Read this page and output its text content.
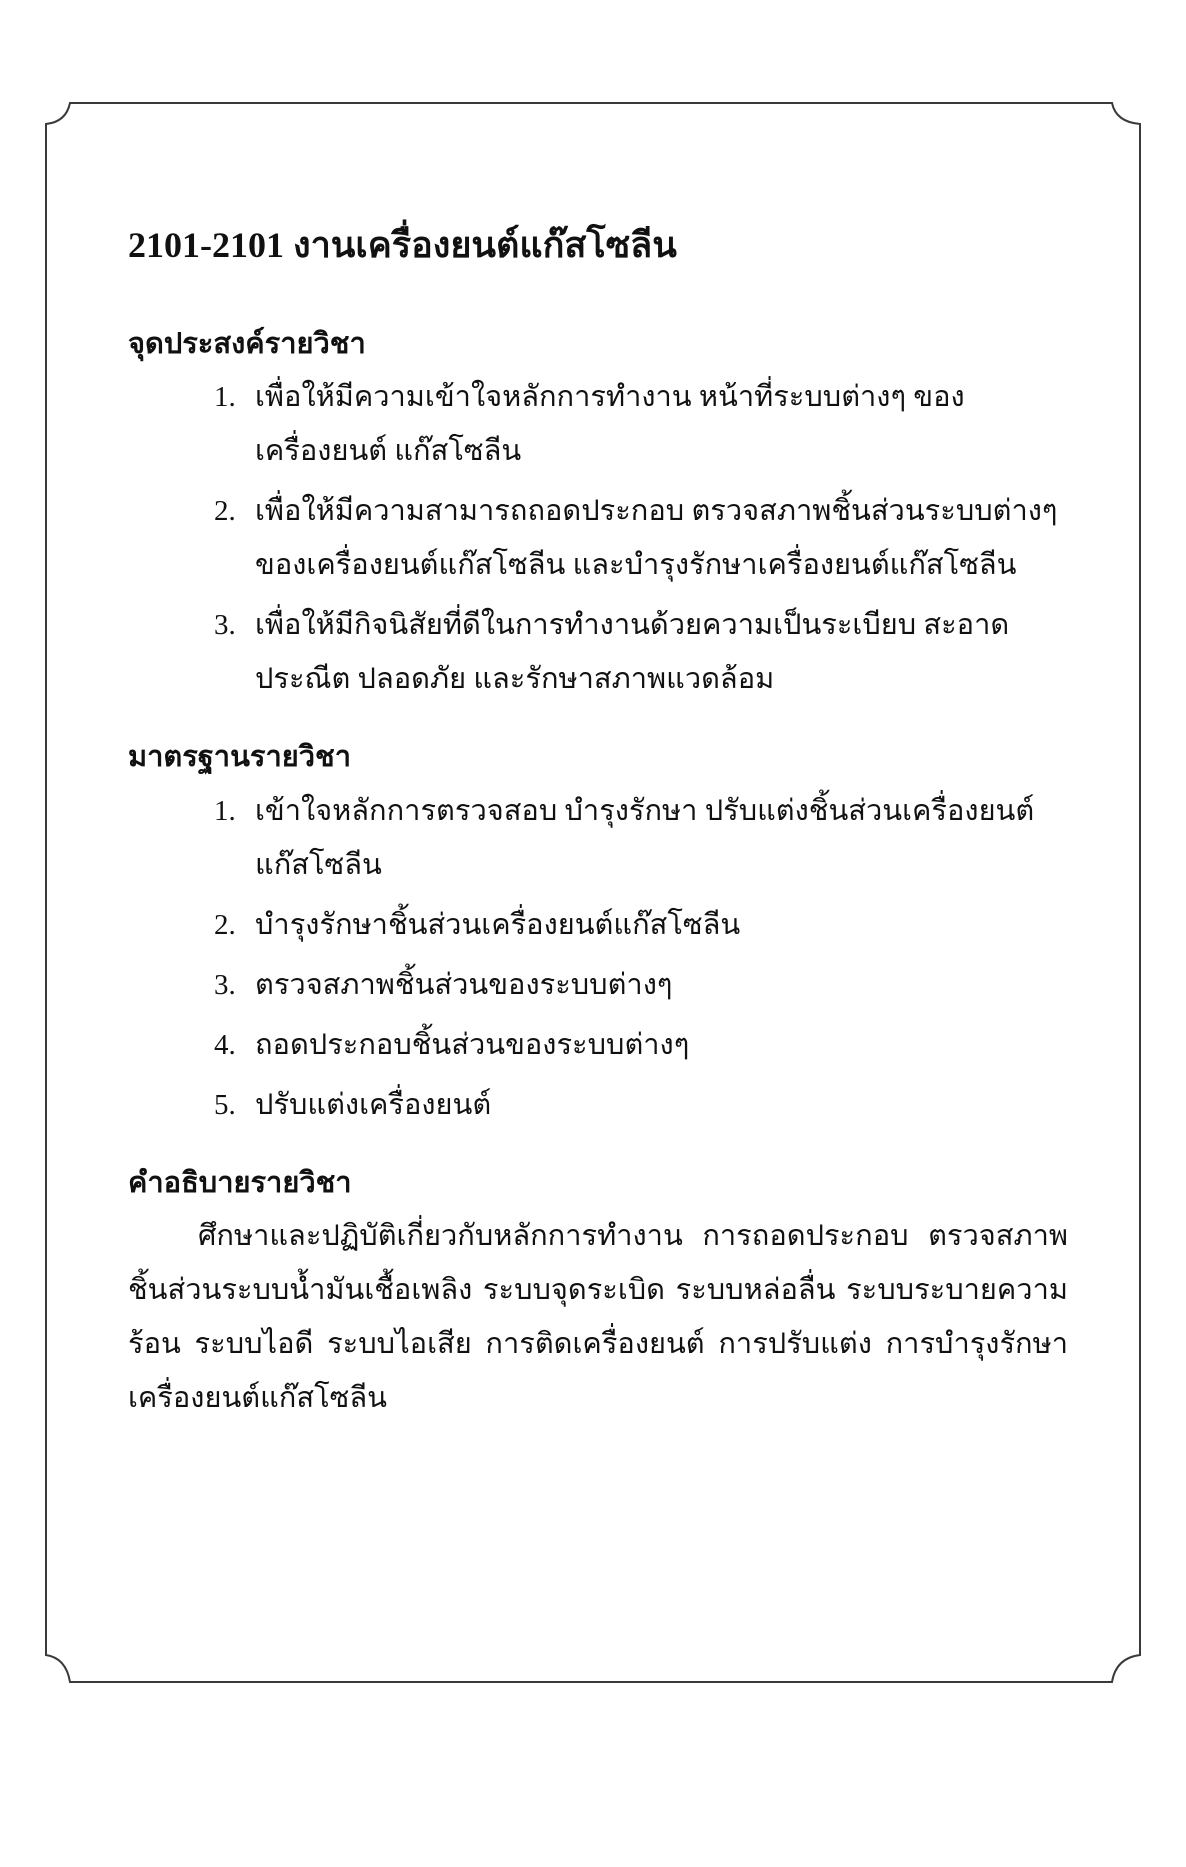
2101-2101 งานเครื่องยนต์แก๊สโซลีน
จุดประสงค์รายวิชา
1. เพื่อให้มีความเข้าใจหลักการทำงาน หน้าที่ระบบต่างๆ ของเครื่องยนต์ แก๊สโซลีน
2. เพื่อให้มีความสามารถถอดประกอบ ตรวจสภาพชิ้นส่วนระบบต่างๆ ของเครื่องยนต์แก๊สโซลีน และบำรุงรักษาเครื่องยนต์แก๊สโซลีน
3. เพื่อให้มีกิจนิสัยที่ดีในการทำงานด้วยความเป็นระเบียบ สะอาด ประณีต ปลอดภัย และรักษาสภาพแวดล้อม
มาตรฐานรายวิชา
1. เข้าใจหลักการตรวจสอบ บำรุงรักษา ปรับแต่งชิ้นส่วนเครื่องยนต์ แก๊สโซลีน
2. บำรุงรักษาชิ้นส่วนเครื่องยนต์แก๊สโซลีน
3. ตรวจสภาพชิ้นส่วนของระบบต่างๆ
4. ถอดประกอบชิ้นส่วนของระบบต่างๆ
5. ปรับแต่งเครื่องยนต์
คำอธิบายรายวิชา

ศึกษาและปฏิบัติเกี่ยวกับหลักการทำงาน การถอดประกอบ ตรวจสภาพชิ้นส่วนระบบน้ำมันเชื้อเพลิง ระบบจุดระเบิด ระบบหล่อลื่น ระบบระบายความร้อน ระบบไอดี ระบบไอเสีย การติดเครื่องยนต์ การปรับแต่ง การบำรุงรักษาเครื่องยนต์แก๊สโซลีน
